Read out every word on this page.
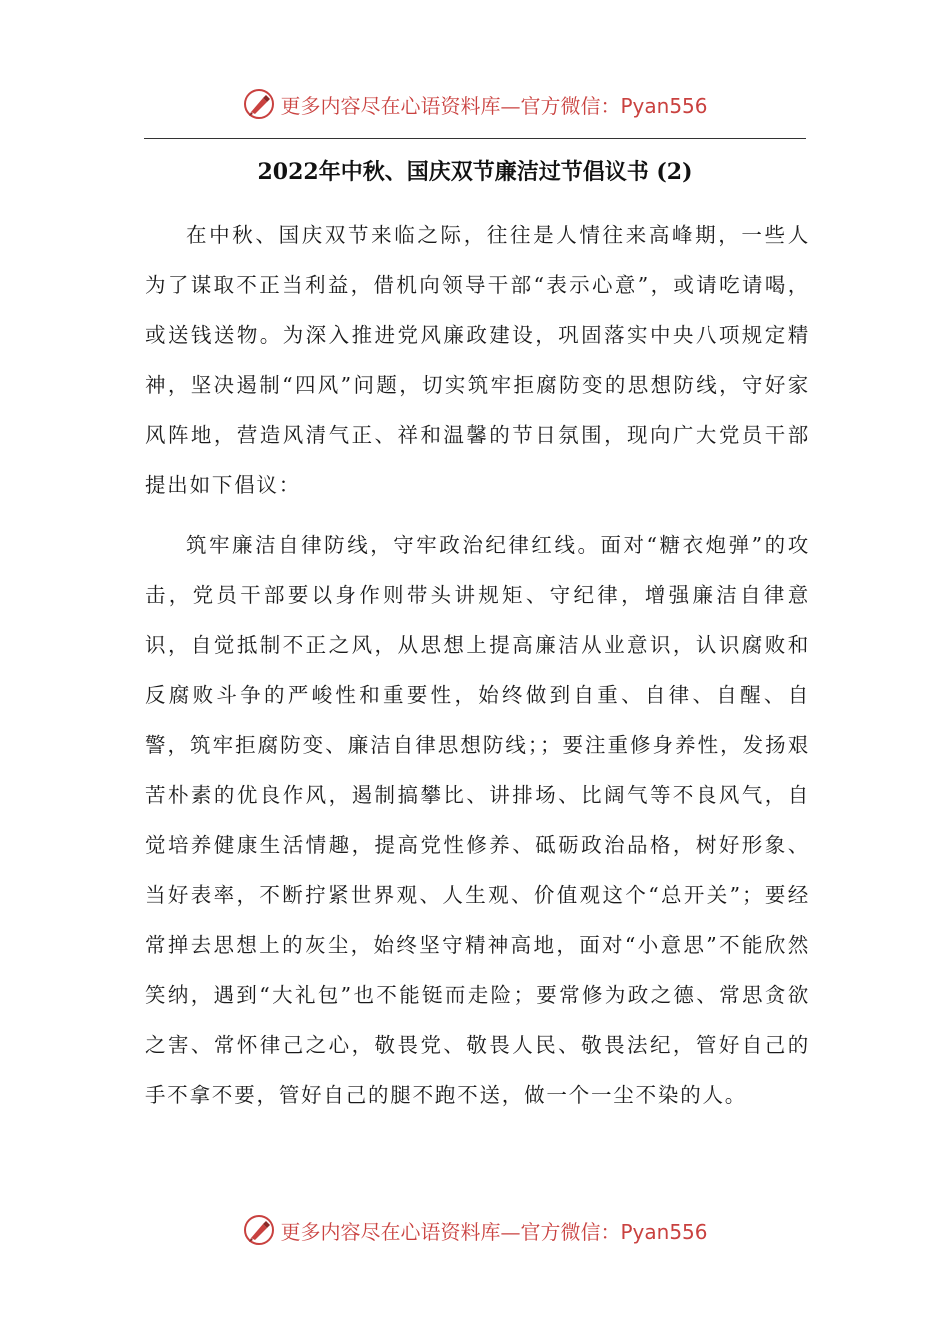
更多内容尽在心语资料库—官方微信：Pyan556
2022年中秋、国庆双节廉洁过节倡议书 (2)

在中秋、国庆双节来临之际，往往是人情往来高峰期，一些人为了谋取不正当利益，借机向领导干部“表示心意”，或请吃请喝，或送钱送物。为深入推进党风廉政建设，巩固落实中央八项规定精神，坚决遏制“四风”问题，切实筑牢拒腐防变的思想防线，守好家风阵地，营造风清气正、祥和温馨的节日氛围，现向广大党员干部提出如下倡议：

筑牢廉洁自律防线，守牢政治纪律红线。面对“糖衣炮弹”的攻击，党员干部要以身作则带头讲规矩、守纪律，增强廉洁自律意识，自觉抵制不正之风，从思想上提高廉洁从业意识，认识腐败和反腐败斗争的严峻性和重要性，始终做到自重、自律、自醒、自警，筑牢拒腐防变、廉洁自律思想防线；；要注重修身养性，发扬艰苦朴素的优良作风，遏制搞攀比、讲排场、比阔气等不良风气，自觉培养健康生活情趣，提高党性修养、砥砺政治品格，树好形象、当好表率，不断拧紧世界观、人生观、价值观这个“总开关”；要经常掸去思想上的灰尘，始终坚守精神高地，面对“小意思”不能欣然笑纳，遇到“大礼包”也不能铤而走险；要常修为政之德、常思贪欲之害、常怀律己之心，敬畏党、敬畏人民、敬畏法纪，管好自己的手不拿不要，管好自己的腿不跑不送，做一个一尘不染的人。

更多内容尽在心语资料库—官方微信：Pyan556
